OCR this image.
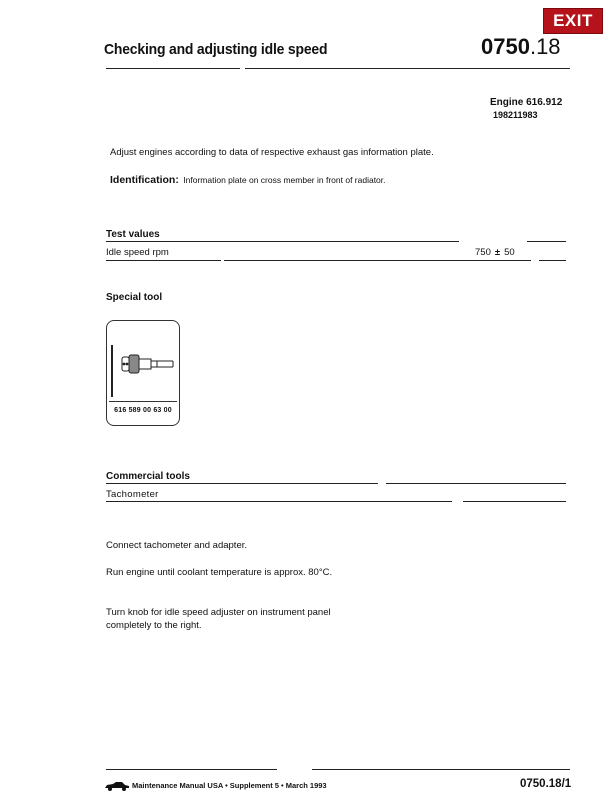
EXIT
Checking and adjusting idle speed	0750.18
Engine 616.912
198211983
Adjust engines according to data of respective exhaust gas information plate.
Identification: Information plate on cross member in front of radiator.
Test values
Idle speed rpm	750 ± 50
Special tool
616 589 00 63 00
Commercial tools
Tachometer
Connect tachometer and adapter.
Run engine until coolant temperature is approx. 80°C.
Turn knob for idle speed adjuster on instrument panel completely to the right.
Maintenance Manual USA • Supplement 5 • March 1993	0750.18/1
